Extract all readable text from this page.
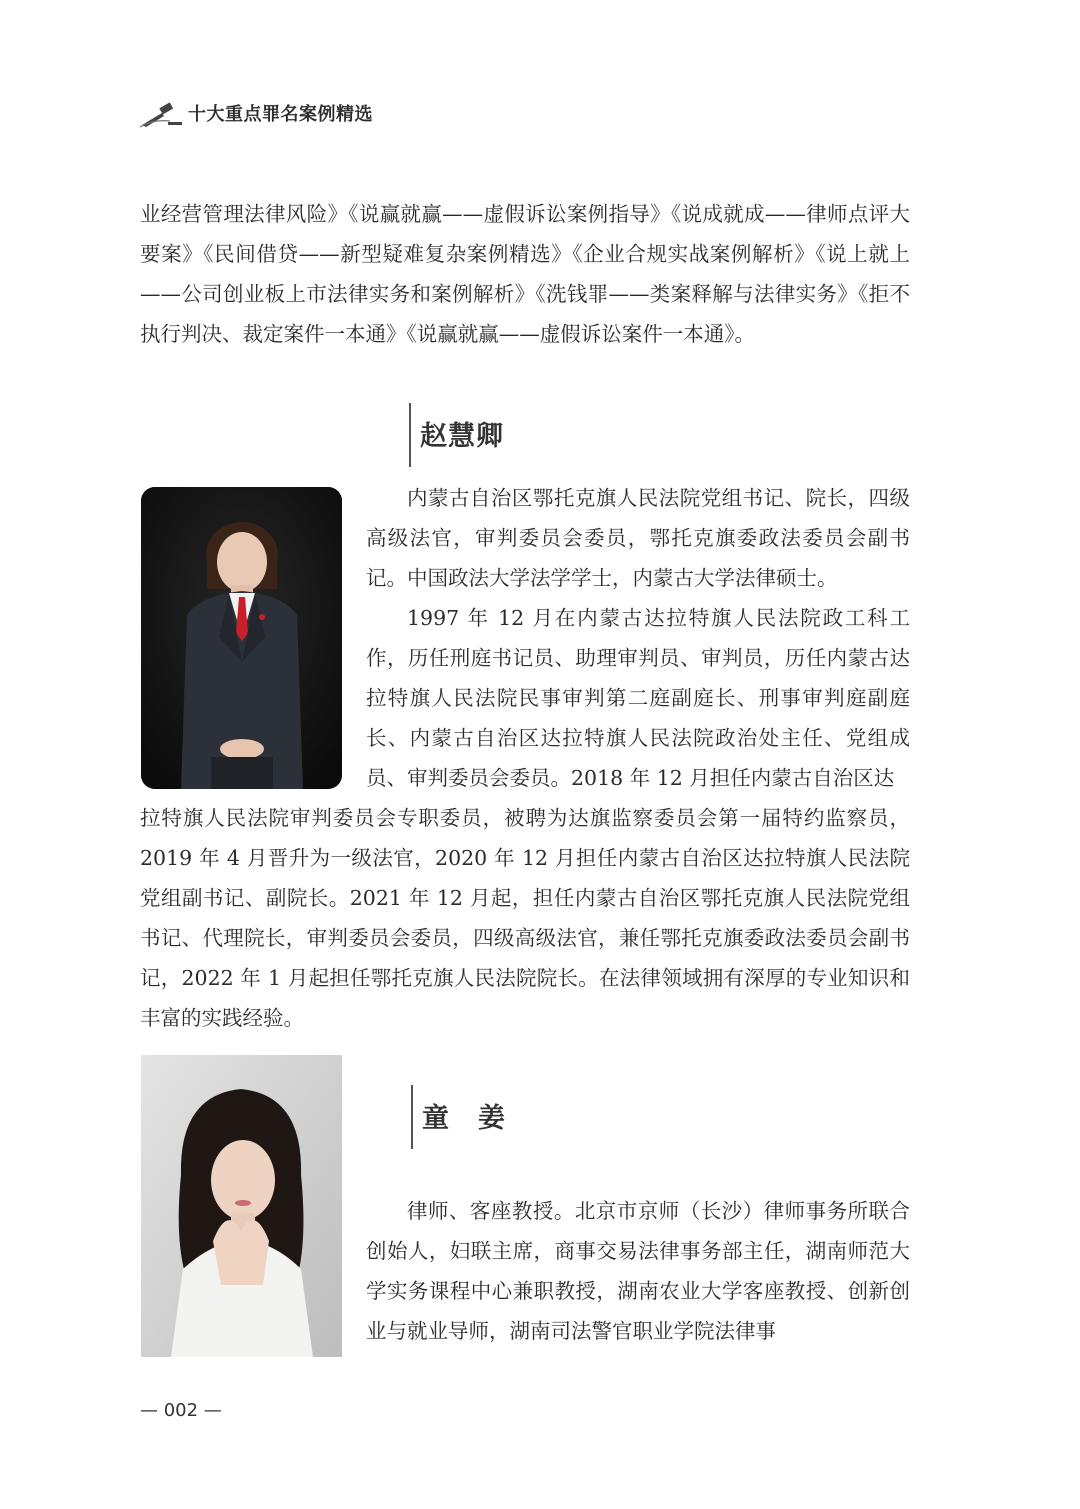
十大重点罪名案例精选

业经营管理法律风险》《说赢就赢——虚假诉讼案例指导》《说成就成——律师点评大要案》《民间借贷——新型疑难复杂案例精选》《企业合规实战案例解析》《说上就上——公司创业板上市法律实务和案例解析》《洗钱罪——类案释解与法律实务》《拒不执行判决、裁定案件一本通》《说赢就赢——虚假诉讼案件一本通》。

赵慧卿

内蒙古自治区鄂托克旗人民法院党组书记、院长，四级高级法官，审判委员会委员，鄂托克旗委政法委员会副书记。中国政法大学法学学士，内蒙古大学法律硕士。

1997 年 12 月在内蒙古达拉特旗人民法院政工科工作，历任刑庭书记员、助理审判员、审判员，历任内蒙古达拉特旗人民法院民事审判第二庭副庭长、刑事审判庭副庭长、内蒙古自治区达拉特旗人民法院政治处主任、党组成员、审判委员会委员。2018 年 12 月担任内蒙古自治区达

拉特旗人民法院审判委员会专职委员，被聘为达旗监察委员会第一届特约监察员，2019 年 4 月晋升为一级法官，2020 年 12 月担任内蒙古自治区达拉特旗人民法院党组副书记、副院长。2021 年 12 月起，担任内蒙古自治区鄂托克旗人民法院党组书记、代理院长，审判委员会委员，四级高级法官，兼任鄂托克旗委政法委员会副书记，2022 年 1 月起担任鄂托克旗人民法院院长。在法律领域拥有深厚的专业知识和丰富的实践经验。

童　姜

律师、客座教授。北京市京师（长沙）律师事务所联合创始人，妇联主席，商事交易法律事务部主任，湖南师范大学实务课程中心兼职教授，湖南农业大学客座教授、创新创业与就业导师，湖南司法警官职业学院法律事

— 002 —
